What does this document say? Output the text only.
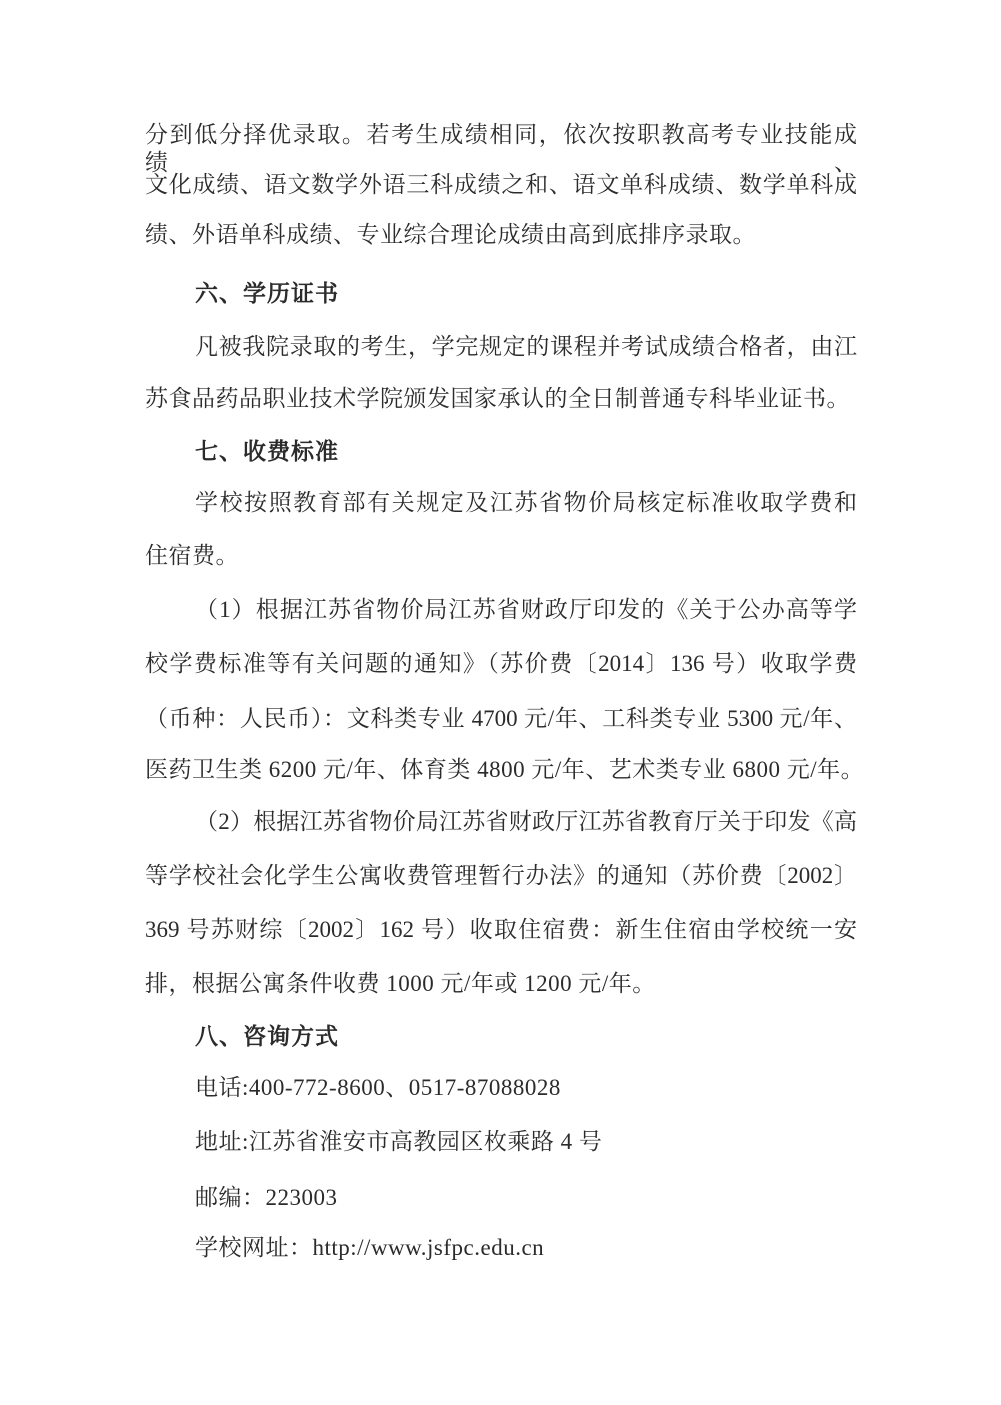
分到低分择优录取。若考生成绩相同，依次按职教高考专业技能成绩、
文化成绩、语文数学外语三科成绩之和、语文单科成绩、数学单科成
绩、外语单科成绩、专业综合理论成绩由高到底排序录取。
六、学历证书
凡被我院录取的考生，学完规定的课程并考试成绩合格者，由江
苏食品药品职业技术学院颁发国家承认的全日制普通专科毕业证书。
七、收费标准
学校按照教育部有关规定及江苏省物价局核定标准收取学费和
住宿费。
（1）根据江苏省物价局江苏省财政厅印发的《关于公办高等学
校学费标准等有关问题的通知》（苏价费〔2014〕136 号）收取学费
（币种：人民币）：文科类专业 4700 元/年、工科类专业 5300 元/年、
医药卫生类 6200 元/年、体育类 4800 元/年、艺术类专业 6800 元/年。
（2）根据江苏省物价局江苏省财政厅江苏省教育厅关于印发《高
等学校社会化学生公寓收费管理暂行办法》的通知（苏价费〔2002〕
369 号苏财综〔2002〕162 号）收取住宿费：新生住宿由学校统一安
排，根据公寓条件收费 1000 元/年或 1200 元/年。
八、咨询方式
电话:400-772-8600、0517-87088028
地址:江苏省淮安市高教园区枚乘路 4 号
邮编：223003
学校网址：http://www.jsfpc.edu.cn
